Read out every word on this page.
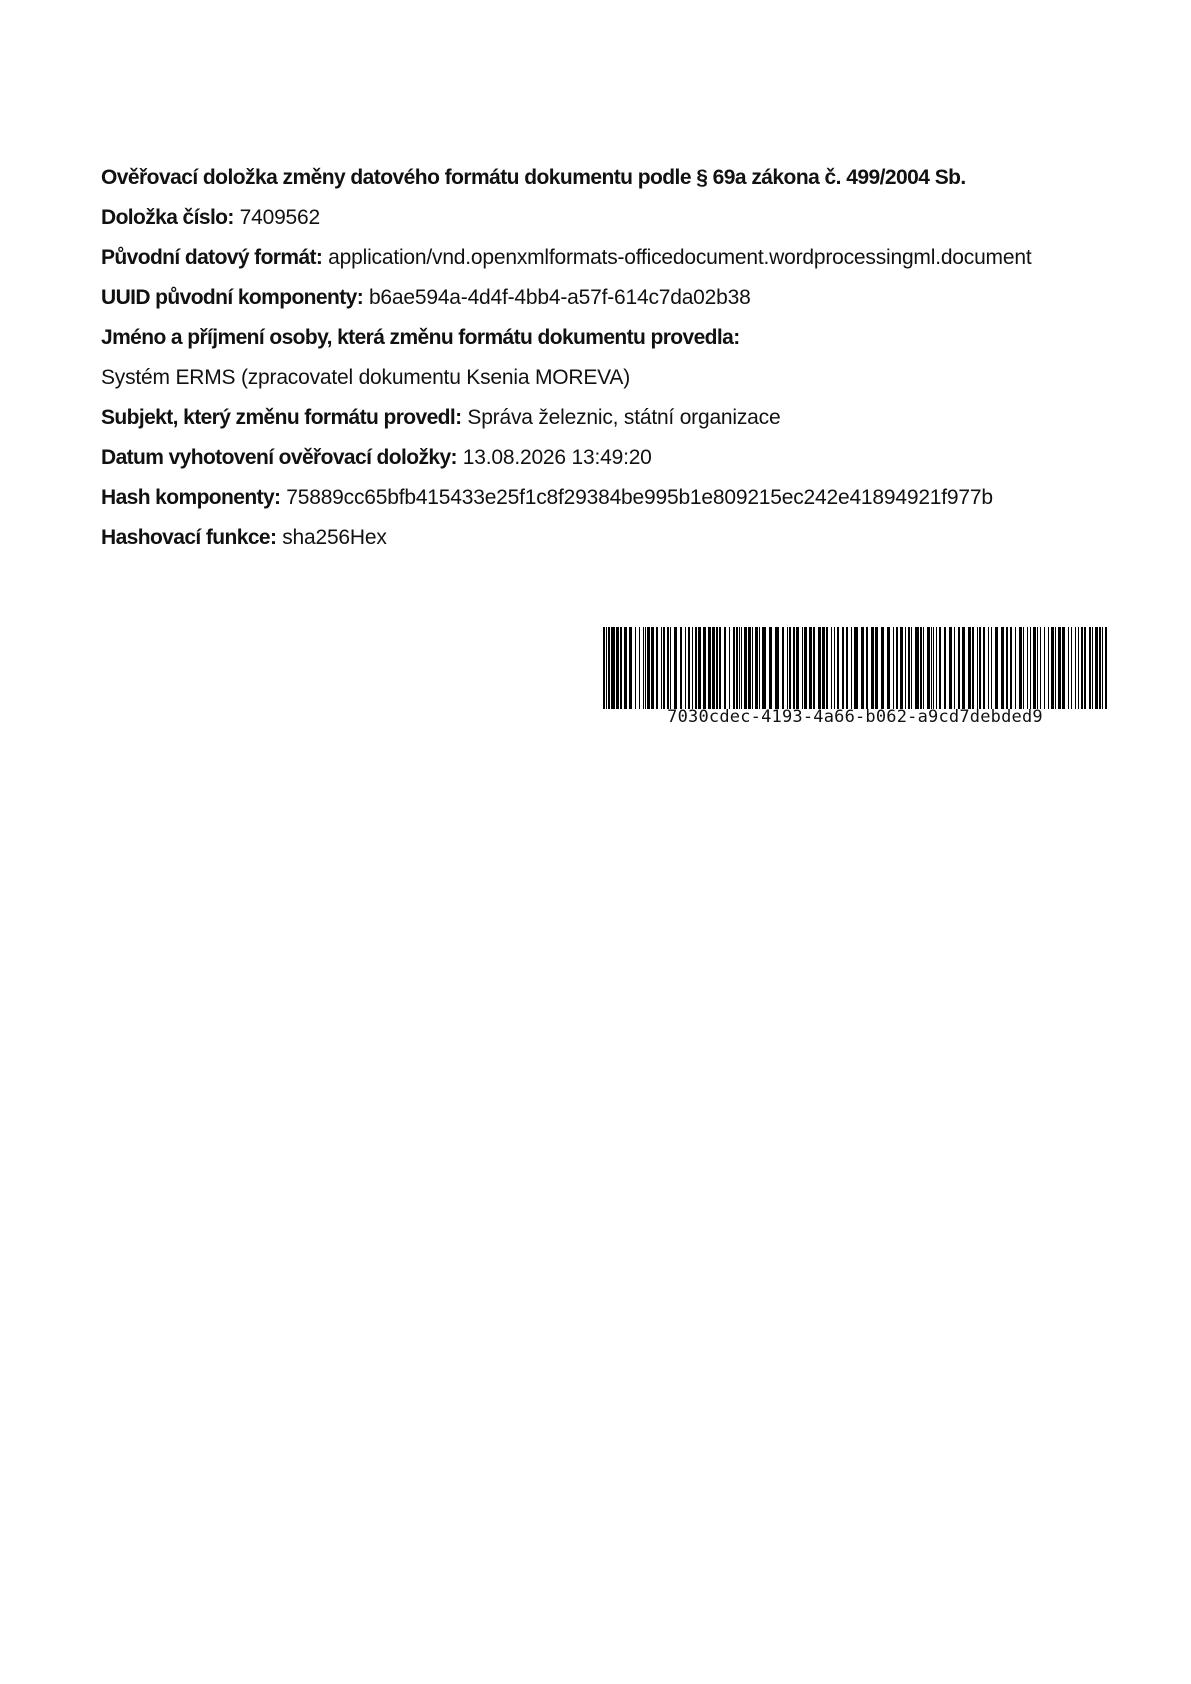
Ověřovací doložka změny datového formátu dokumentu podle § 69a zákona č. 499/2004 Sb.
Doložka číslo: 7409562
Původní datový formát: application/vnd.openxmlformats-officedocument.wordprocessingml.document
UUID původní komponenty: b6ae594a-4d4f-4bb4-a57f-614c7da02b38
Jméno a příjmení osoby, která změnu formátu dokumentu provedla:
Systém ERMS (zpracovatel dokumentu Ksenia MOREVA)
Subjekt, který změnu formátu provedl: Správa železnic, státní organizace
Datum vyhotovení ověřovací doložky: 13.08.2026 13:49:20
Hash komponenty: 75889cc65bfb415433e25f1c8f29384be995b1e809215ec242e41894921f977b
Hashovací funkce: sha256Hex
7030cdec-4193-4a66-b062-a9cd7debded9
